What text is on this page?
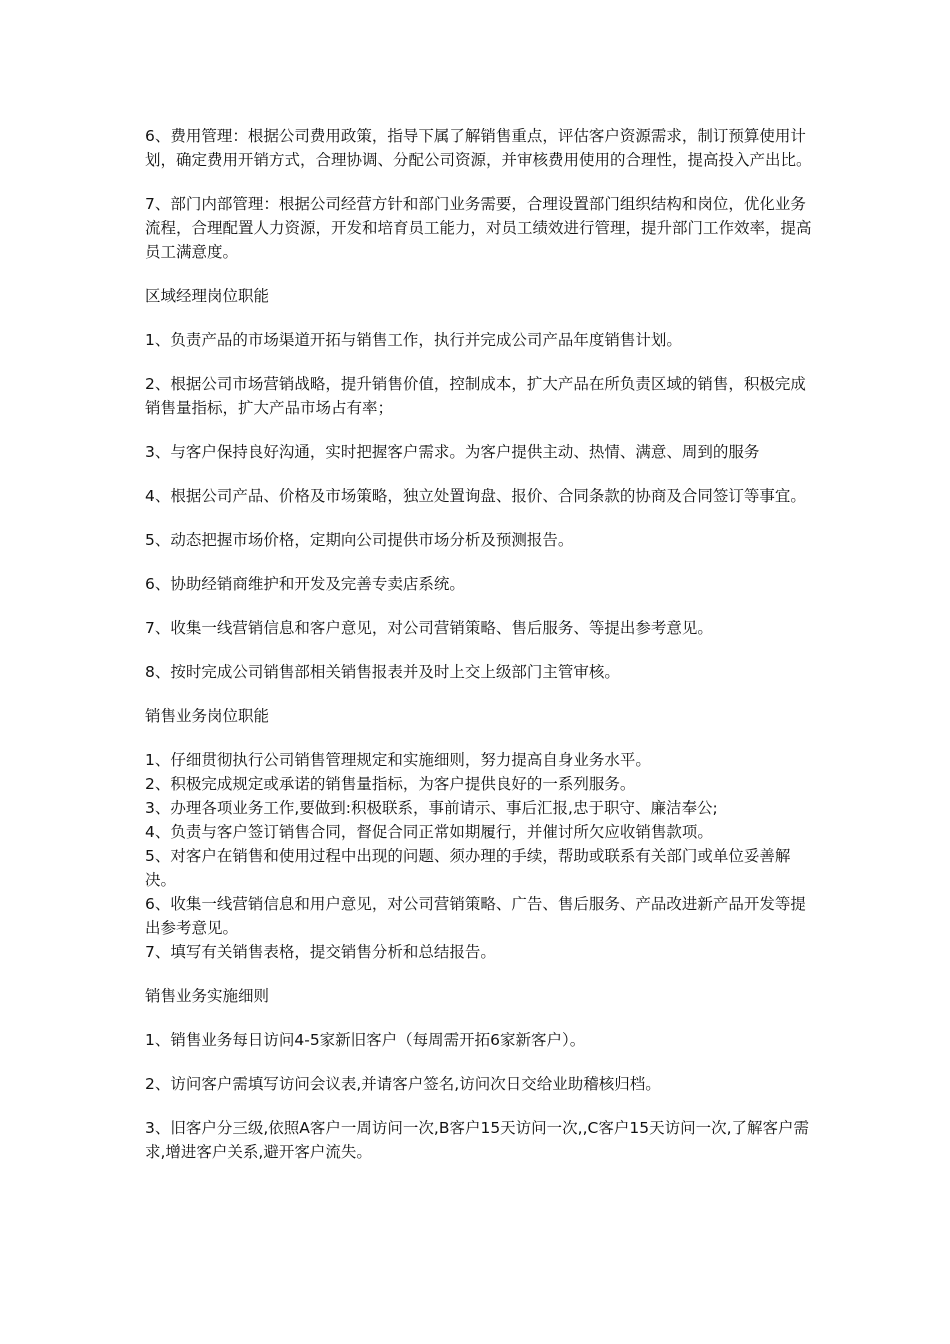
6、费用管理：根据公司费用政策，指导下属了解销售重点，评估客户资源需求，制订预算使用计划，确定费用开销方式，合理协调、分配公司资源，并审核费用使用的合理性，提高投入产出比。

7、部门内部管理：根据公司经营方针和部门业务需要，合理设置部门组织结构和岗位，优化业务流程，合理配置人力资源，开发和培育员工能力，对员工绩效进行管理，提升部门工作效率，提高员工满意度。

区域经理岗位职能

1、负责产品的市场渠道开拓与销售工作，执行并完成公司产品年度销售计划。

2、根据公司市场营销战略，提升销售价值，控制成本，扩大产品在所负责区域的销售，积极完成销售量指标，扩大产品市场占有率；

3、与客户保持良好沟通，实时把握客户需求。为客户提供主动、热情、满意、周到的服务

4、根据公司产品、价格及市场策略，独立处置询盘、报价、合同条款的协商及合同签订等事宜。

5、动态把握市场价格，定期向公司提供市场分析及预测报告。

6、协助经销商维护和开发及完善专卖店系统。

7、收集一线营销信息和客户意见，对公司营销策略、售后服务、等提出参考意见。

8、按时完成公司销售部相关销售报表并及时上交上级部门主管审核。

销售业务岗位职能

1、仔细贯彻执行公司销售管理规定和实施细则，努力提高自身业务水平。

2、积极完成规定或承诺的销售量指标，为客户提供良好的一系列服务。

3、办理各项业务工作,要做到:积极联系，事前请示、事后汇报,忠于职守、廉洁奉公;

4、负责与客户签订销售合同，督促合同正常如期履行，并催讨所欠应收销售款项。

5、对客户在销售和使用过程中出现的问题、须办理的手续，帮助或联系有关部门或单位妥善解决。

6、收集一线营销信息和用户意见，对公司营销策略、广告、售后服务、产品改进新产品开发等提出参考意见。

7、填写有关销售表格，提交销售分析和总结报告。

销售业务实施细则

1、销售业务每日访问4-5家新旧客户（每周需开拓6家新客户）。

2、访问客户需填写访问会议表,并请客户签名,访问次日交给业助稽核归档。

3、旧客户分三级,依照A客户一周访问一次,B客户15天访问一次,,C客户15天访问一次,了解客户需求,增进客户关系,避开客户流失。
